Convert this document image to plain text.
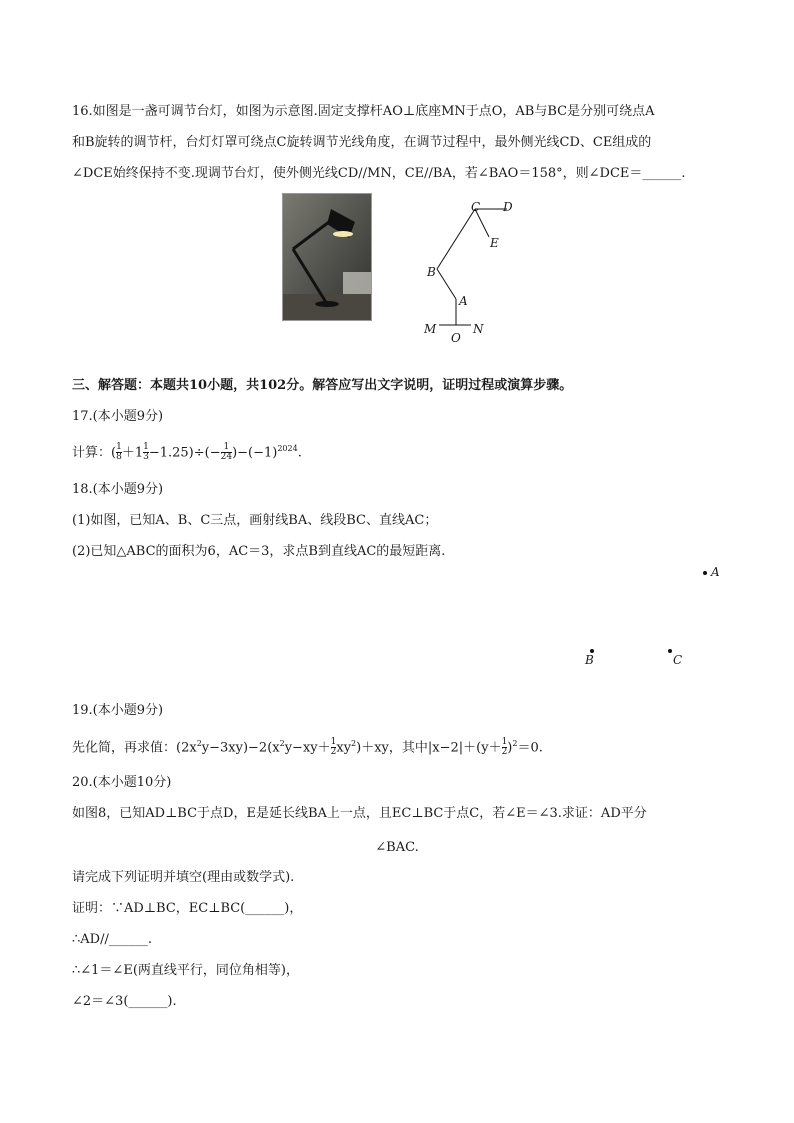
16.如图是一盏可调节台灯，如图为示意图.固定支撑杆AO⊥底座MN于点O，AB与BC是分别可绕点A
和B旋转的调节杆，台灯灯罩可绕点C旋转调节光线角度，在调节过程中，最外侧光线CD、CE组成的
∠DCE始终保持不变.现调节台灯，使外侧光线CD//MN，CE//BA，若∠BAO＝158°，则∠DCE＝______.
C D
E
B
A
M
O
N
三、解答题：本题共10小题，共102分。解答应写出文字说明，证明过程或演算步骤。
17.(本小题9分)
计算：( $\frac{1}{8} +1 \frac{1}{3} -1.25)\div(- \frac{1}{24} )-(-1)^{2024}$.
18.(本小题9分)
(1)如图，已知A、B、C三点，画射线BA、线段BC、直线AC；
(2)已知△ABC的面积为6，AC＝3，求点B到直线AC的最短距离.
A
B	C
19.(本小题9分)
先化简，再求值：$(2x^2y-3xy)-2(x^2y-xy+ \frac{1}{2} xy^2)+xy$，其中$|x-2|+(y+ \frac{1}{2} )^2=0$.
20.(本小题10分)
如图8，已知AD⊥BC于点D，E是延长线BA上一点，且EC⊥BC于点C，若∠E＝∠3.求证：AD平分
∠BAC.
请完成下列证明并填空(理由或数学式).
证明：∵AD⊥BC，EC⊥BC(______)，
∴AD//______.
∴∠1＝∠E(两直线平行，同位角相等)，
∠2＝∠3(______).
